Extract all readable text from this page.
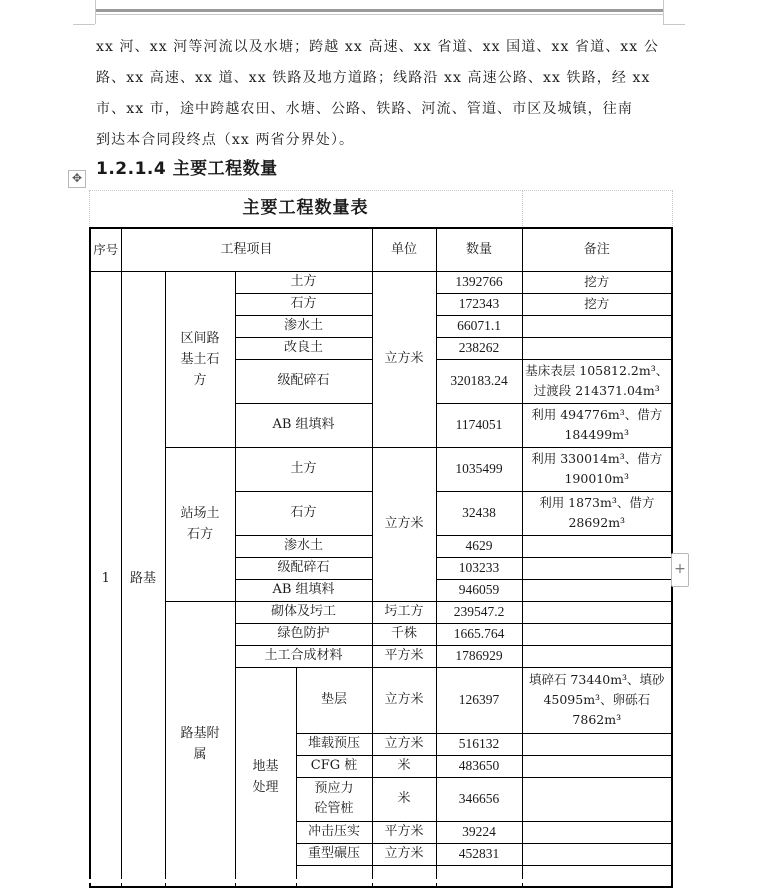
xx 河、xx 河等河流以及水塘；跨越 xx 高速、xx 省道、xx 国道、xx 省道、xx 公
路、xx 高速、xx 道、xx 铁路及地方道路；线路沿 xx 高速公路、xx 铁路，经 xx
市、xx 市，途中跨越农田、水塘、公路、铁路、河流、管道、市区及城镇，往南
到达本合同段终点（xx 两省分界处）。
1.2.1.4 主要工程数量
✥
主要工程数量表
序号	工程项目				单位	数量	备注
1	路基	区间路基土石方	土方		立方米	1392766	挖方
			石方			172343	挖方
			渗水土			66071.1	
			改良土			238262	
			级配碎石			320183.24	基床表层 105812.2m³、过渡段 214371.04m³
			AB 组填料			1174051	利用 494776m³、借方 184499m³
		站场土石方	土方		立方米	1035499	利用 330014m³、借方 190010m³
			石方			32438	利用 1873m³、借方 28692m³
			渗水土			4629	
			级配碎石			103233	
			AB 组填料			946059	
		路基附属	砌体及圬工		圬工方	239547.2	
			绿色防护		千株	1665.764	
			土工合成材料		平方米	1786929	
			地基处理	垫层	立方米	126397	填碎石 73440m³、填砂 45095m³、卵砾石 7862m³
				堆载预压	立方米	516132	
				CFG 桩	米	483650	
				预应力砼管桩	米	346656	
				冲击压实	平方米	39224	
				重型碾压	立方米	452831	

+
